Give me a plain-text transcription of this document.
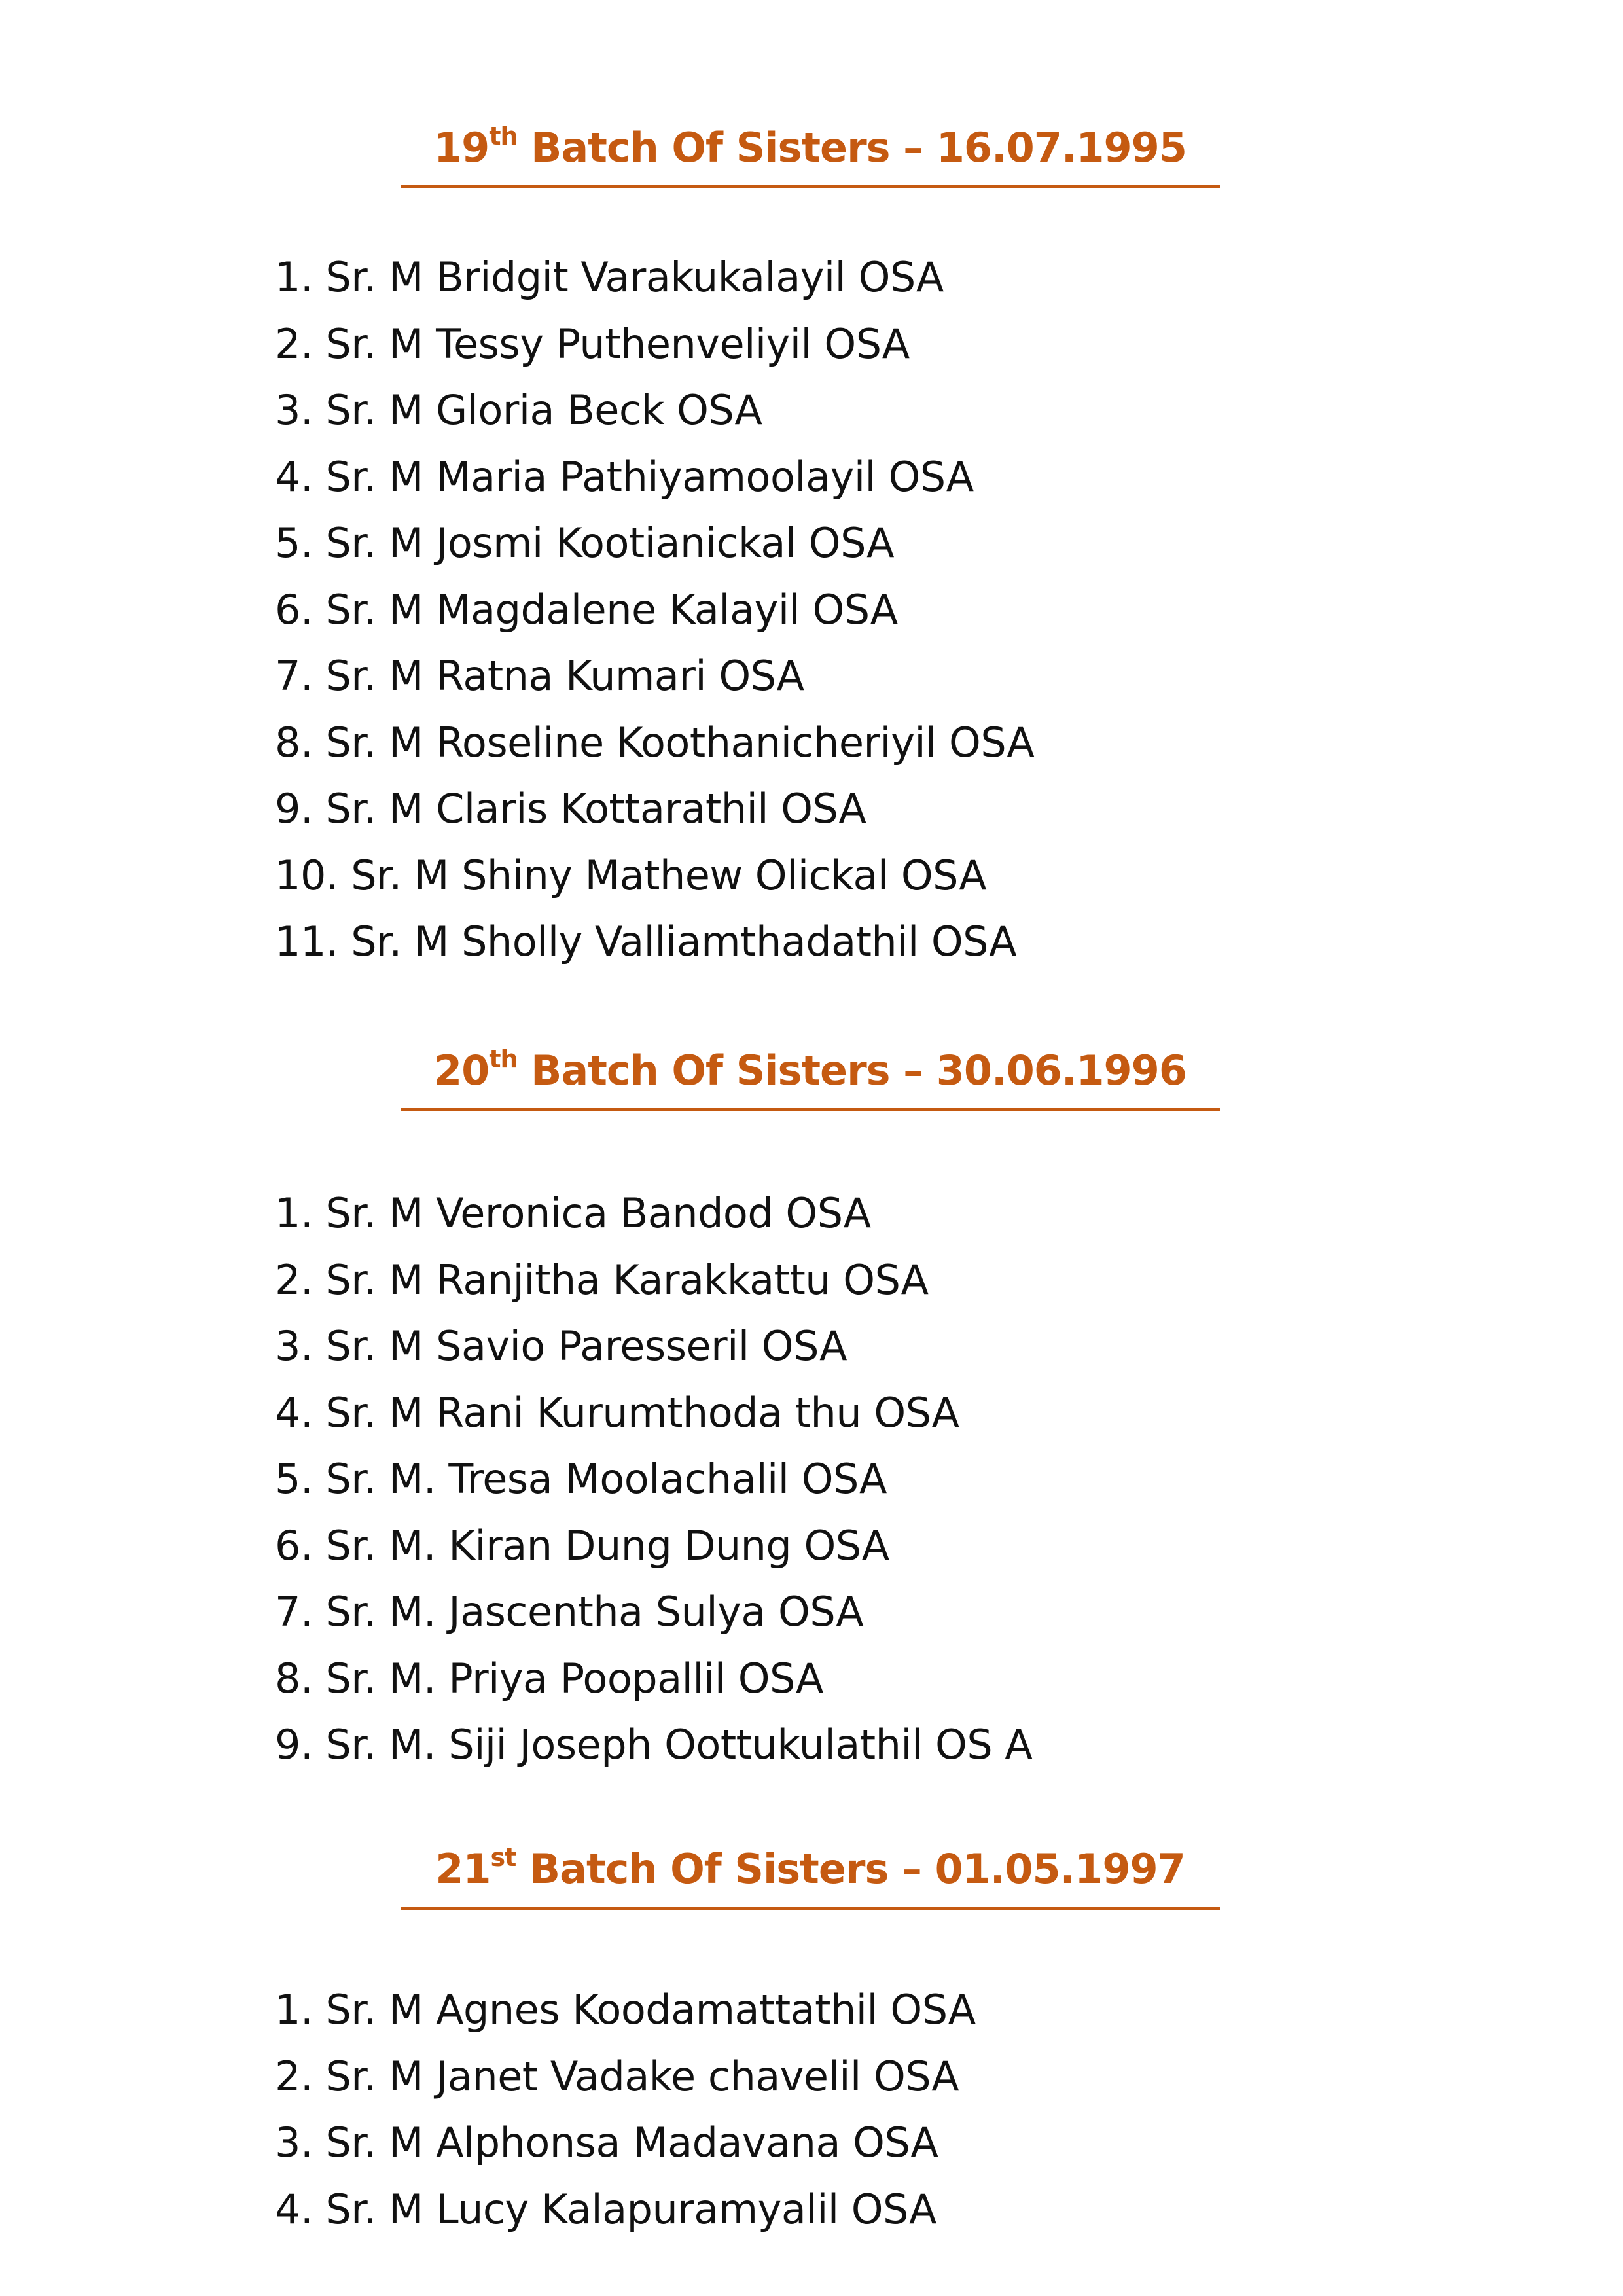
19th Batch Of Sisters – 16.07.1995
1. Sr. M Bridgit Varakukalayil OSA
2. Sr. M Tessy Puthenveliyil OSA
3. Sr. M Gloria Beck OSA
4. Sr. M Maria Pathiyamoolayil OSA
5. Sr. M Josmi Kootianickal OSA
6. Sr. M Magdalene Kalayil OSA
7. Sr. M Ratna Kumari OSA
8. Sr. M Roseline Koothanicheriyil OSA
9. Sr. M Claris Kottarathil OSA
10. Sr. M Shiny Mathew Olickal OSA
11. Sr. M Sholly Valliamthadathil OSA
20th Batch Of Sisters – 30.06.1996
1. Sr. M Veronica Bandod OSA
2. Sr. M Ranjitha Karakkattu OSA
3. Sr. M Savio Paresseril OSA
4. Sr. M Rani Kurumthoda thu OSA
5. Sr. M. Tresa Moolachalil OSA
6. Sr. M. Kiran Dung Dung OSA
7. Sr. M. Jascentha Sulya OSA
8. Sr. M. Priya Poopallil OSA
9. Sr. M. Siji Joseph Oottukulathil OS A
21st Batch Of Sisters – 01.05.1997
1. Sr. M Agnes Koodamattathil OSA
2. Sr. M Janet Vadake chavelil OSA
3. Sr. M Alphonsa Madavana OSA
4. Sr. M Lucy Kalapuramyalil OSA
